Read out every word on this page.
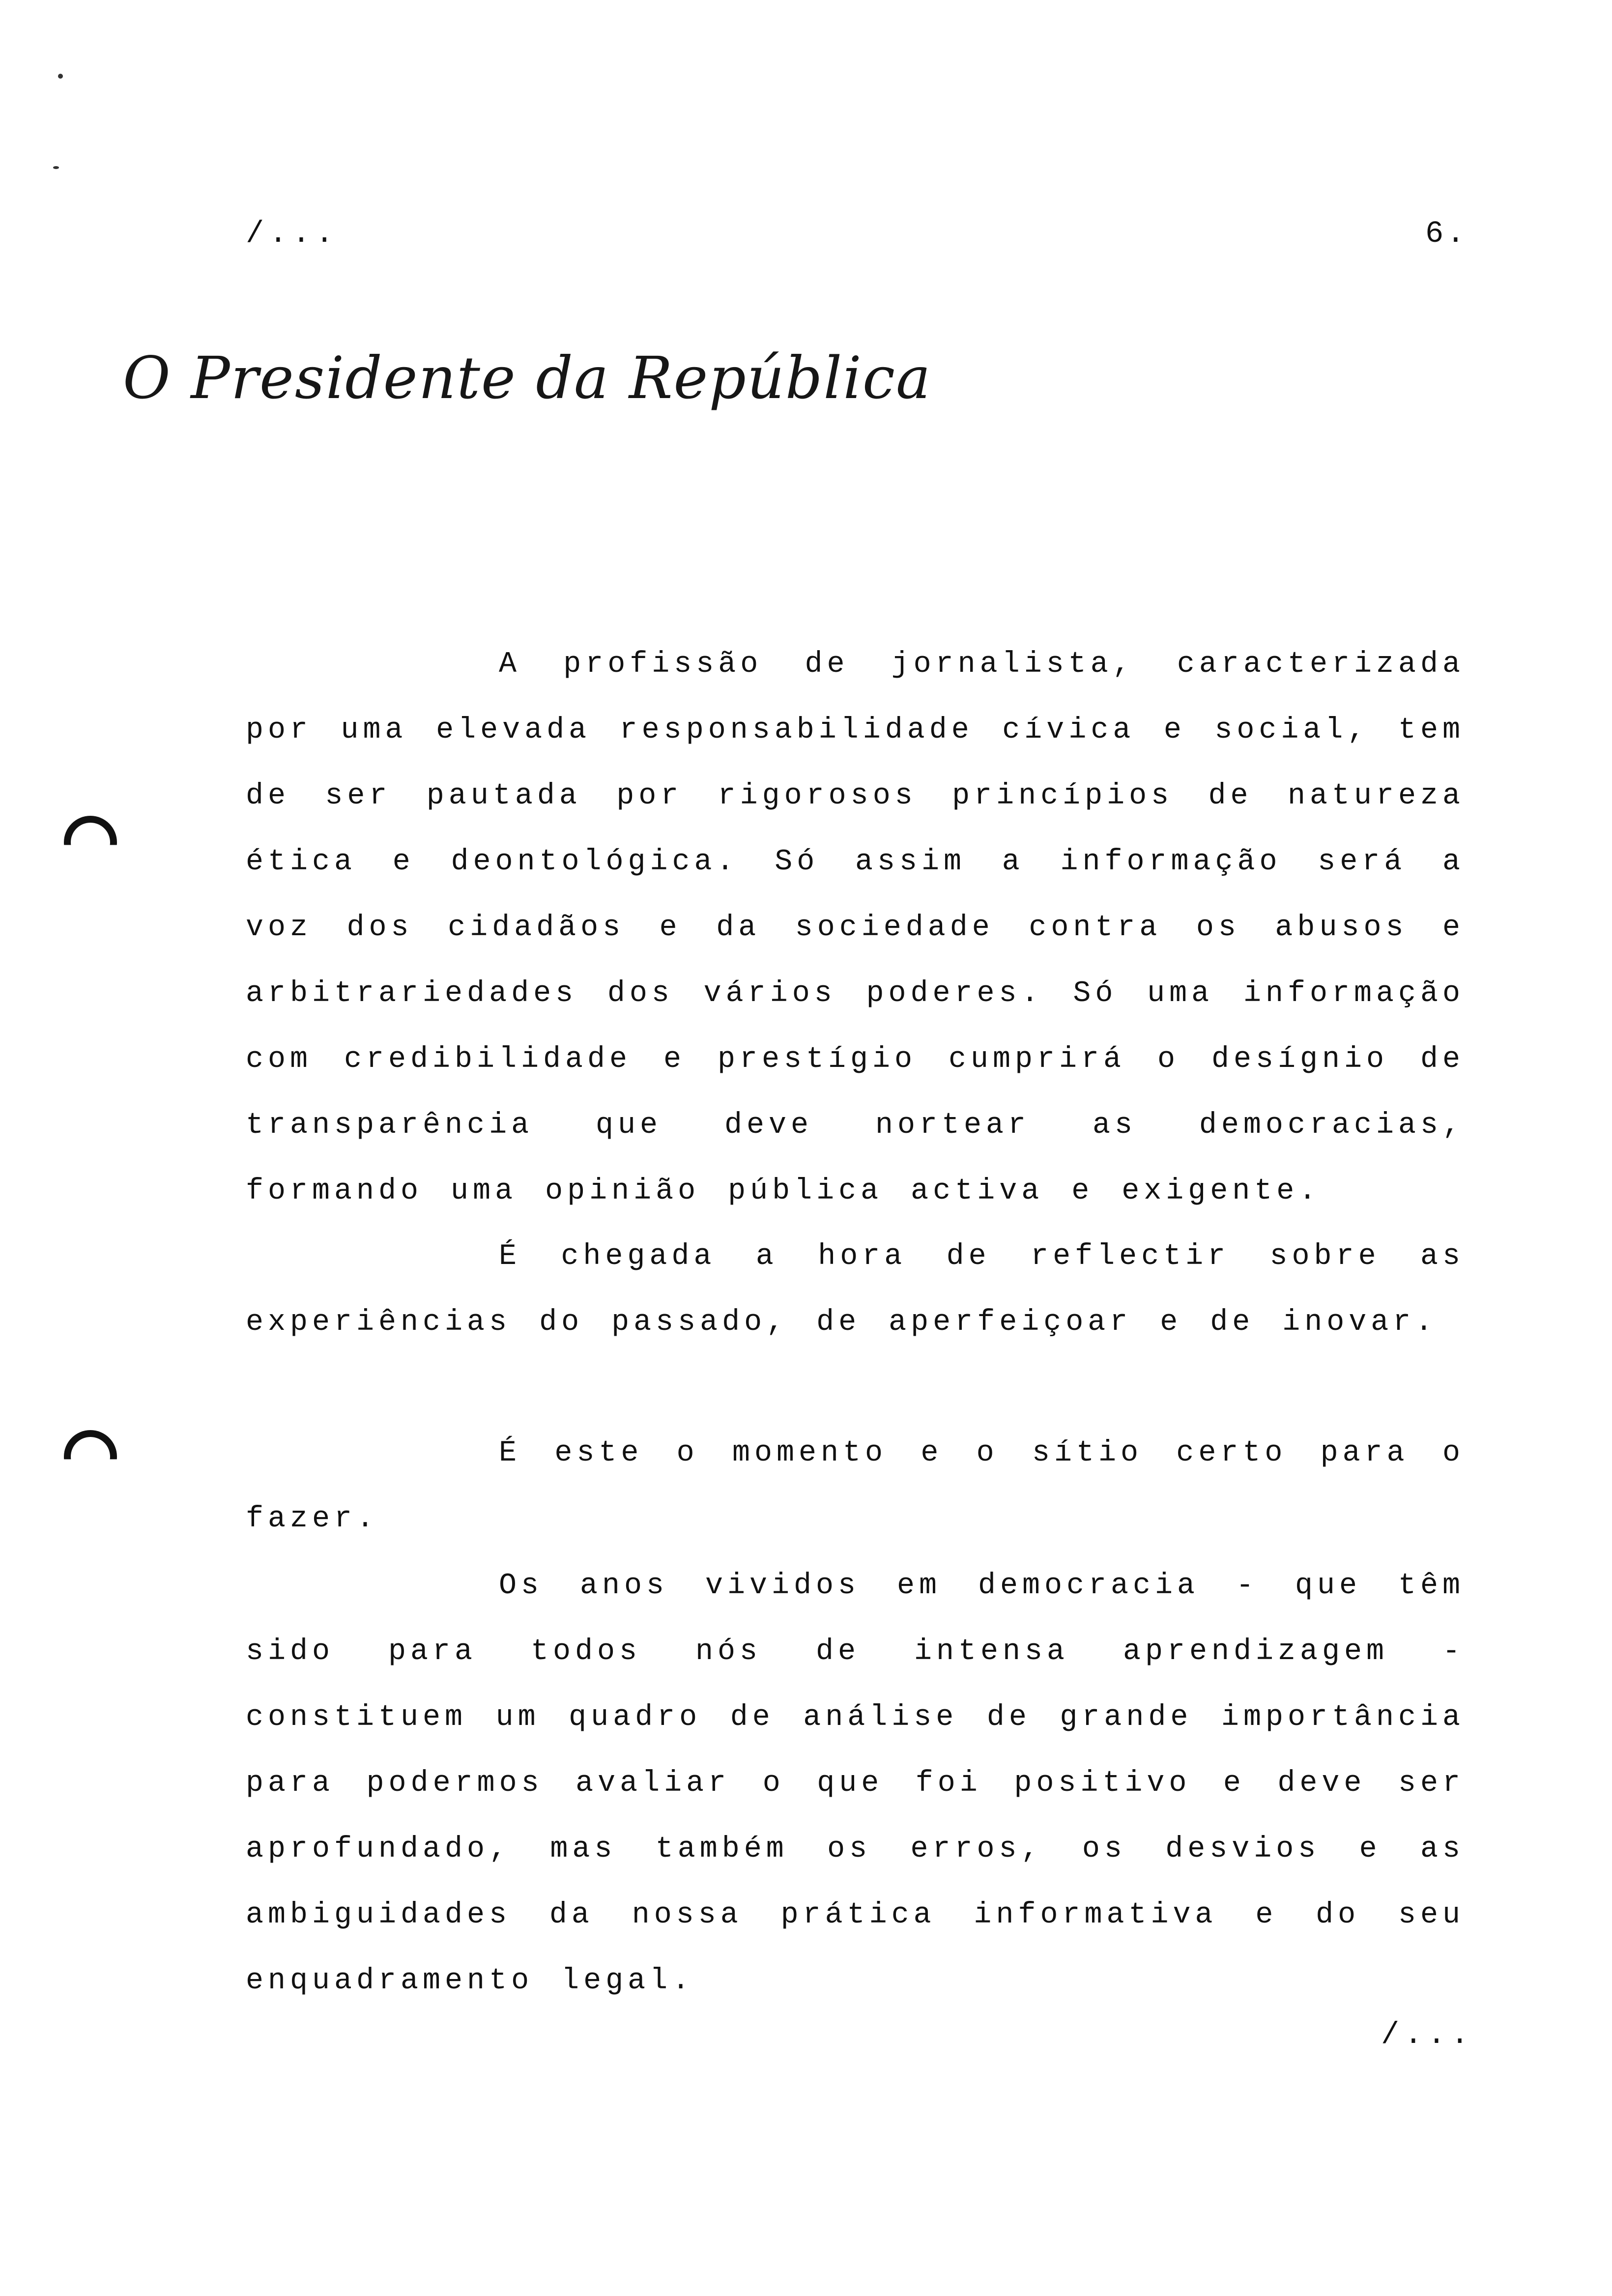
/...	6.
O Presidente da República

A profissão de jornalista, caracterizada por uma elevada responsabilidade cívica e social, tem de ser pautada por rigorosos princípios de natureza ética e deontológica. Só assim a informação será a voz dos cidadãos e da sociedade contra os abusos e arbitrariedades dos vários poderes. Só uma informação com credibilidade e prestígio cumprirá o desígnio de transparência que deve nortear as democracias, formando uma opinião pública activa e exigente.

É chegada a hora de reflectir sobre as experiências do passado, de aperfeiçoar e de inovar.

É este o momento e o sítio certo para o fazer.

Os anos vividos em democracia - que têm sido para todos nós de intensa aprendizagem - constituem um quadro de análise de grande importância para podermos avaliar o que foi positivo e deve ser aprofundado, mas também os erros, os desvios e as ambiguidades da nossa prática informativa e do seu enquadramento legal.

/...
